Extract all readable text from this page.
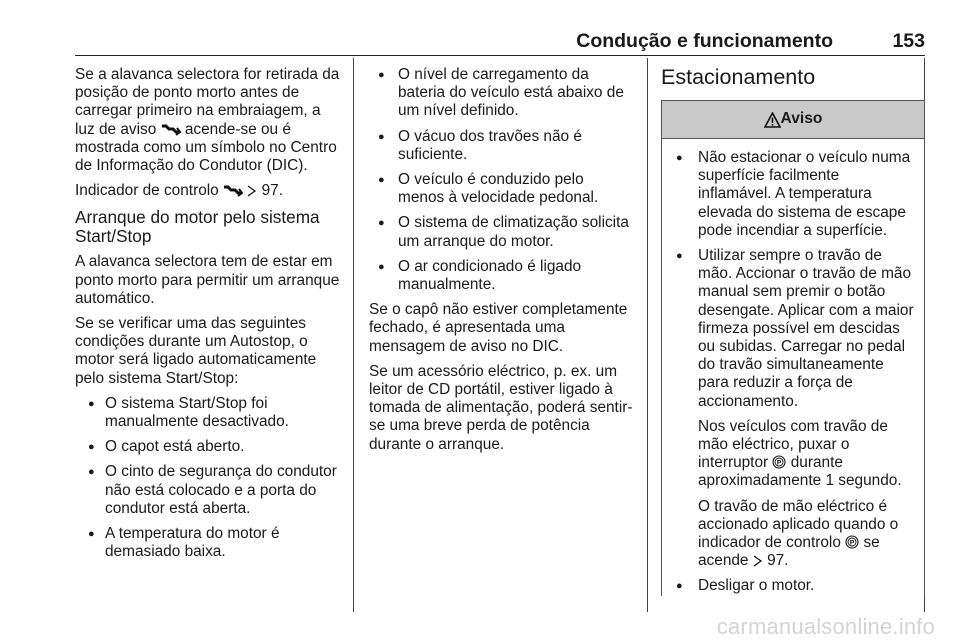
Condução e funcionamento	153

Se a alavanca selectora for retirada da posição de ponto morto antes de carregar primeiro na embraiagem, a luz de aviso acende-se ou é mostrada como um símbolo no Centro de Informação do Condutor (DIC).

Indicador de controlo	97.

Arranque do motor pelo sistema Start/Stop

A alavanca selectora tem de estar em ponto morto para permitir um arranque automático.

Se se verificar uma das seguintes condições durante um Autostop, o motor será ligado automaticamente pelo sistema Start/Stop:

● O sistema Start/Stop foi manualmente desactivado.
● O capot está aberto.
● O cinto de segurança do condutor não está colocado e a porta do condutor está aberta.
● A temperatura do motor é demasiado baixa.
● O nível de carregamento da bateria do veículo está abaixo de um nível definido.
● O vácuo dos travões não é suficiente.
● O veículo é conduzido pelo menos à velocidade pedonal.
● O sistema de climatização solicita um arranque do motor.
● O ar condicionado é ligado manualmente.

Se o capô não estiver completamente fechado, é apresentada uma mensagem de aviso no DIC.

Se um acessório eléctrico, p. ex. um leitor de CD portátil, estiver ligado à tomada de alimentação, poderá sentir-se uma breve perda de potência durante o arranque.

Estacionamento
Aviso
● Não estacionar o veículo numa superfície facilmente inflamável. A temperatura elevada do sistema de escape pode incendiar a superfície.

● Utilizar sempre o travão de mão. Accionar o travão de mão manual sem premir o botão desengate. Aplicar com a maior firmeza possível em descidas ou subidas. Carregar no pedal do travão simultaneamente para reduzir a força de accionamento.

Nos veículos com travão de mão eléctrico, puxar o interruptor P durante aproximadamente 1 segundo.

O travão de mão eléctrico é accionado aplicado quando o indicador de controlo P se acende 97.

● Desligar o motor.
carmanualsonline.info
